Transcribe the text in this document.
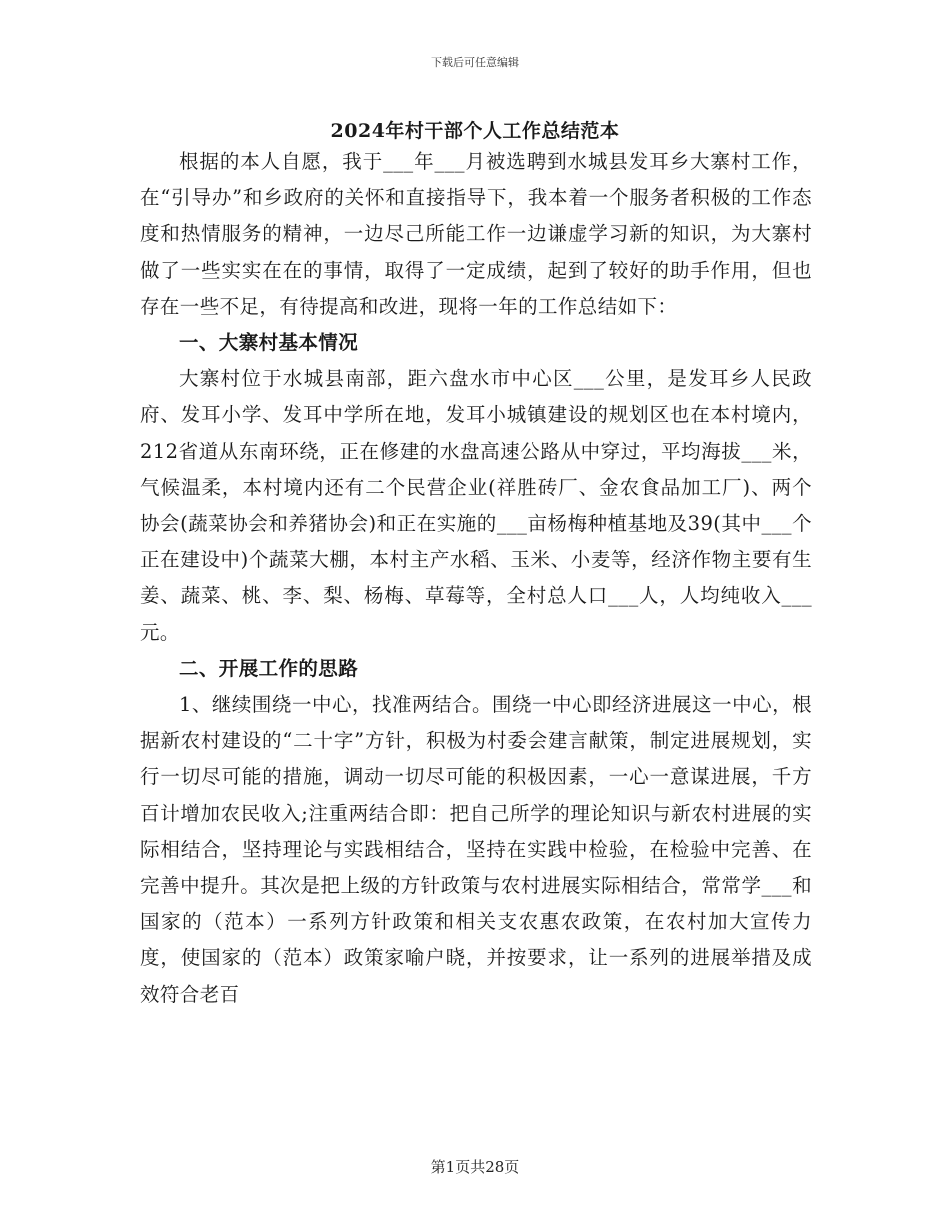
下载后可任意编辑
2024年村干部个人工作总结范本

根据的本人自愿，我于___年___月被选聘到水城县发耳乡大寨村工作，在“引导办”和乡政府的关怀和直接指导下，我本着一个服务者积极的工作态度和热情服务的精神，一边尽己所能工作一边谦虚学习新的知识，为大寨村做了一些实实在在的事情，取得了一定成绩，起到了较好的助手作用，但也存在一些不足，有待提高和改进，现将一年的工作总结如下：

一、大寨村基本情况

大寨村位于水城县南部，距六盘水市中心区___公里，是发耳乡人民政府、发耳小学、发耳中学所在地，发耳小城镇建设的规划区也在本村境内，212省道从东南环绕，正在修建的水盘高速公路从中穿过，平均海拔___米，气候温柔，本村境内还有二个民营企业(祥胜砖厂、金农食品加工厂)、两个协会(蔬菜协会和养猪协会)和正在实施的___亩杨梅种植基地及39(其中___个正在建设中)个蔬菜大棚，本村主产水稻、玉米、小麦等，经济作物主要有生姜、蔬菜、桃、李、梨、杨梅、草莓等，全村总人口___人，人均纯收入___元。

二、开展工作的思路

1、继续围绕一中心，找准两结合。围绕一中心即经济进展这一中心，根据新农村建设的“二十字”方针，积极为村委会建言献策，制定进展规划，实行一切尽可能的措施，调动一切尽可能的积极因素，一心一意谋进展，千方百计增加农民收入;注重两结合即：把自己所学的理论知识与新农村进展的实际相结合，坚持理论与实践相结合，坚持在实践中检验，在检验中完善、在完善中提升。其次是把上级的方针政策与农村进展实际相结合，常常学___和国家的（范本）一系列方针政策和相关支农惠农政策，在农村加大宣传力度，使国家的（范本）政策家喻户晓，并按要求，让一系列的进展举措及成效符合老百

第1页共28页
